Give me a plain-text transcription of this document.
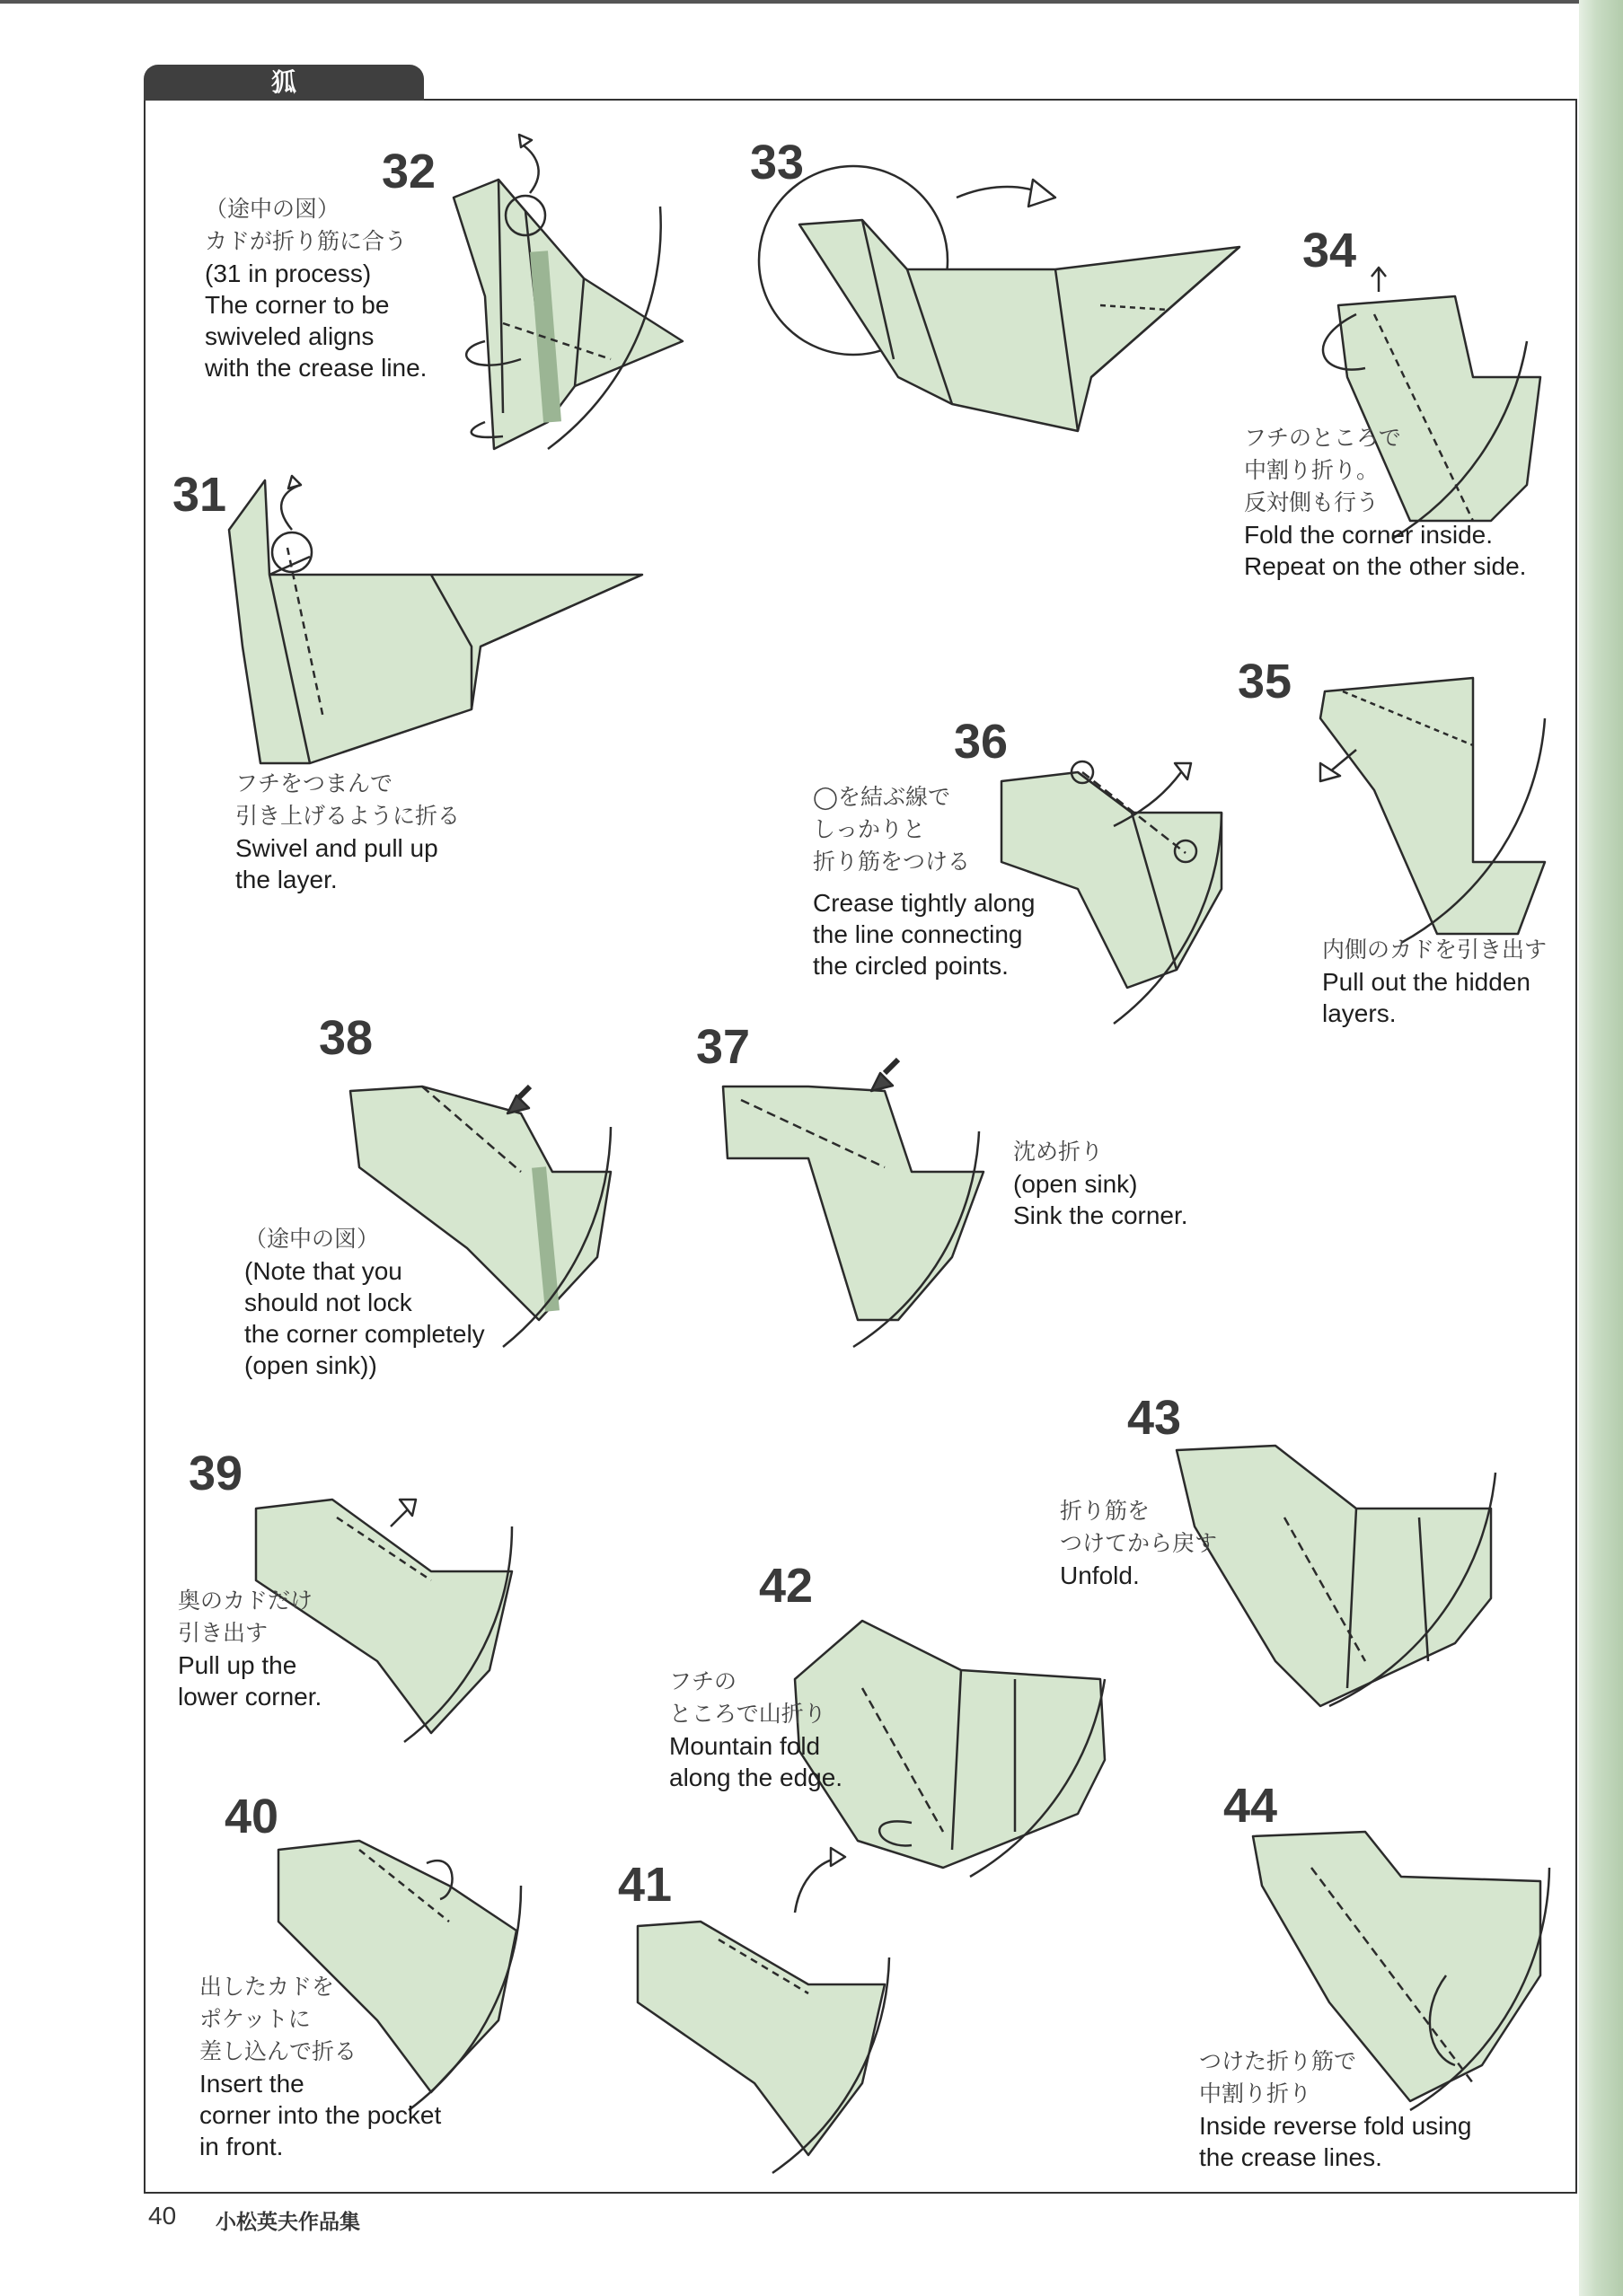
狐
32
（途中の図）
カドが折り筋に合う
(31 in process)
The corner to be
swiveled aligns
with the crease line.
33
34
フチのところで
中割り折り。
反対側も行う
Fold the corner inside.
Repeat on the other side.
31
フチをつまんで
引き上げるように折る
Swivel and pull up
the layer.
36
◯を結ぶ線で
しっかりと
折り筋をつける
Crease tightly along
the line connecting
the circled points.
35
内側のカドを引き出す
Pull out the hidden
layers.
38
（途中の図）
(Note that you
should not lock
the corner completely
(open sink))
37
沈め折り
(open sink)
Sink the corner.
39
奥のカドだけ
引き出す
Pull up the
lower corner.
43
折り筋を
つけてから戻す
Unfold.
42
フチの
ところで山折り
Mountain fold
along the edge.
40
出したカドを
ポケットに
差し込んで折る
Insert the
corner into the pocket
in front.
41
44
つけた折り筋で
中割り折り
Inside reverse fold using
the crease lines.
40 小松英夫作品集
